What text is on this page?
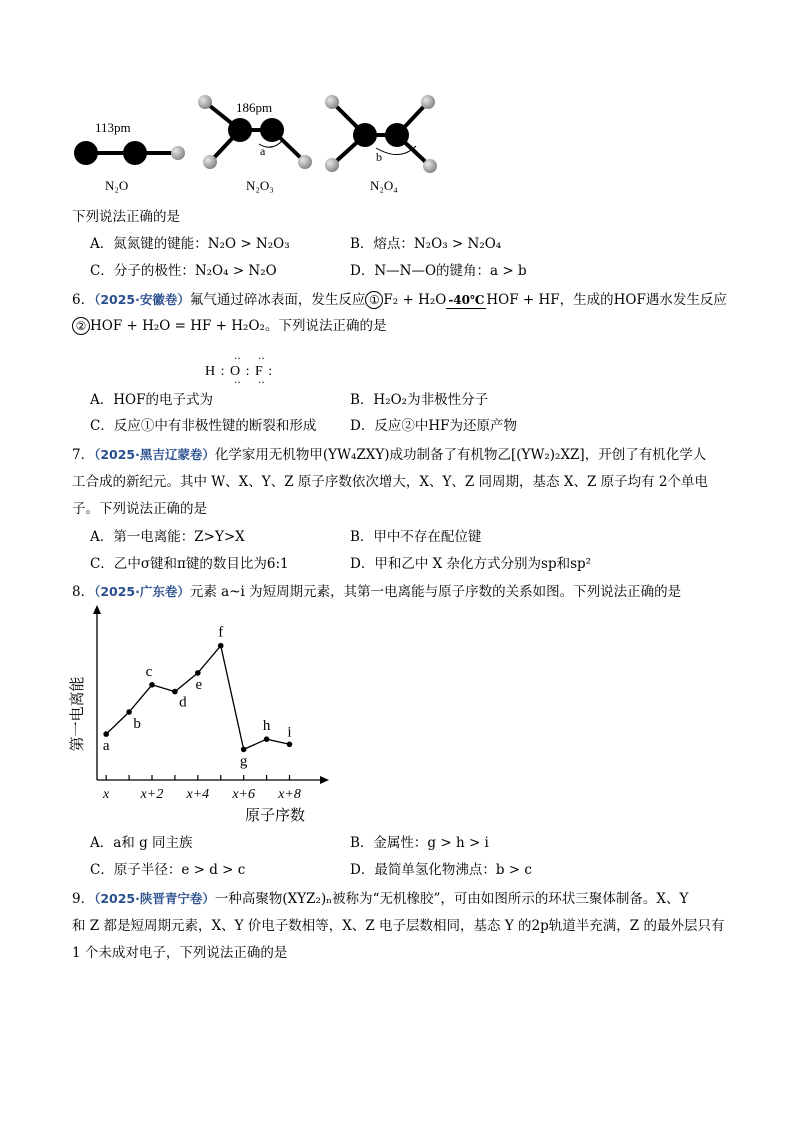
113pm
N₂O
186pm
a
N₂O₃
b
N₂O₄
下列说法正确的是
A．氮氮键的键能：N₂O > N₂O₃	B．熔点：N₂O₃ > N₂O₄
C．分子的极性：N₂O₄ > N₂O	D．N—N—O的键角：a > b
6．（2025·安徽卷）氟气通过碎冰表面，发生反应 ① F₂ + H₂O -40℃ HOF + HF，生成的HOF遇水发生反应
② HOF + H₂O = HF + H₂O₂。下列说法正确的是
H : O : F :
··
··
··
··
A．HOF的电子式为	B．H₂O₂为非极性分子
C．反应①中有非极性键的断裂和形成 D．反应②中HF为还原产物
7．（2025·黑吉辽蒙卷）化学家用无机物甲(YW₄ZXY)成功制备了有机物乙[(YW₂)₂XZ]，开创了有机化学人
工合成的新纪元。其中 W、X、Y、Z 原子序数依次增大，X、Y、Z 同周期，基态 X、Z 原子均有 2个单电
子。下列说法正确的是
A．第一电离能：Z>Y>X	B．甲中不存在配位键
C．乙中σ键和π键的数目比为6:1	D．甲和乙中 X 杂化方式分别为sp和sp²
8．（2025·广东卷）元素 a~i 为短周期元素，其第一电离能与原子序数的关系如图。下列说法正确的是
a
b
c
d
e
f
g
h i
x x+2 x+4 x+6 x+8
原子序数
第一电离能
A．a和 g 同主族	B．金属性：g > h > i
C．原子半径：e > d > c	D．最简单氢化物沸点：b > c
9．（2025·陕晋青宁卷）一种高聚物(XYZ₂)ₙ被称为“无机橡胶”，可由如图所示的环状三聚体制备。X、Y
和 Z 都是短周期元素，X、Y 价电子数相等，X、Z 电子层数相同，基态 Y 的2p轨道半充满，Z 的最外层只有
1 个未成对电子，下列说法正确的是
